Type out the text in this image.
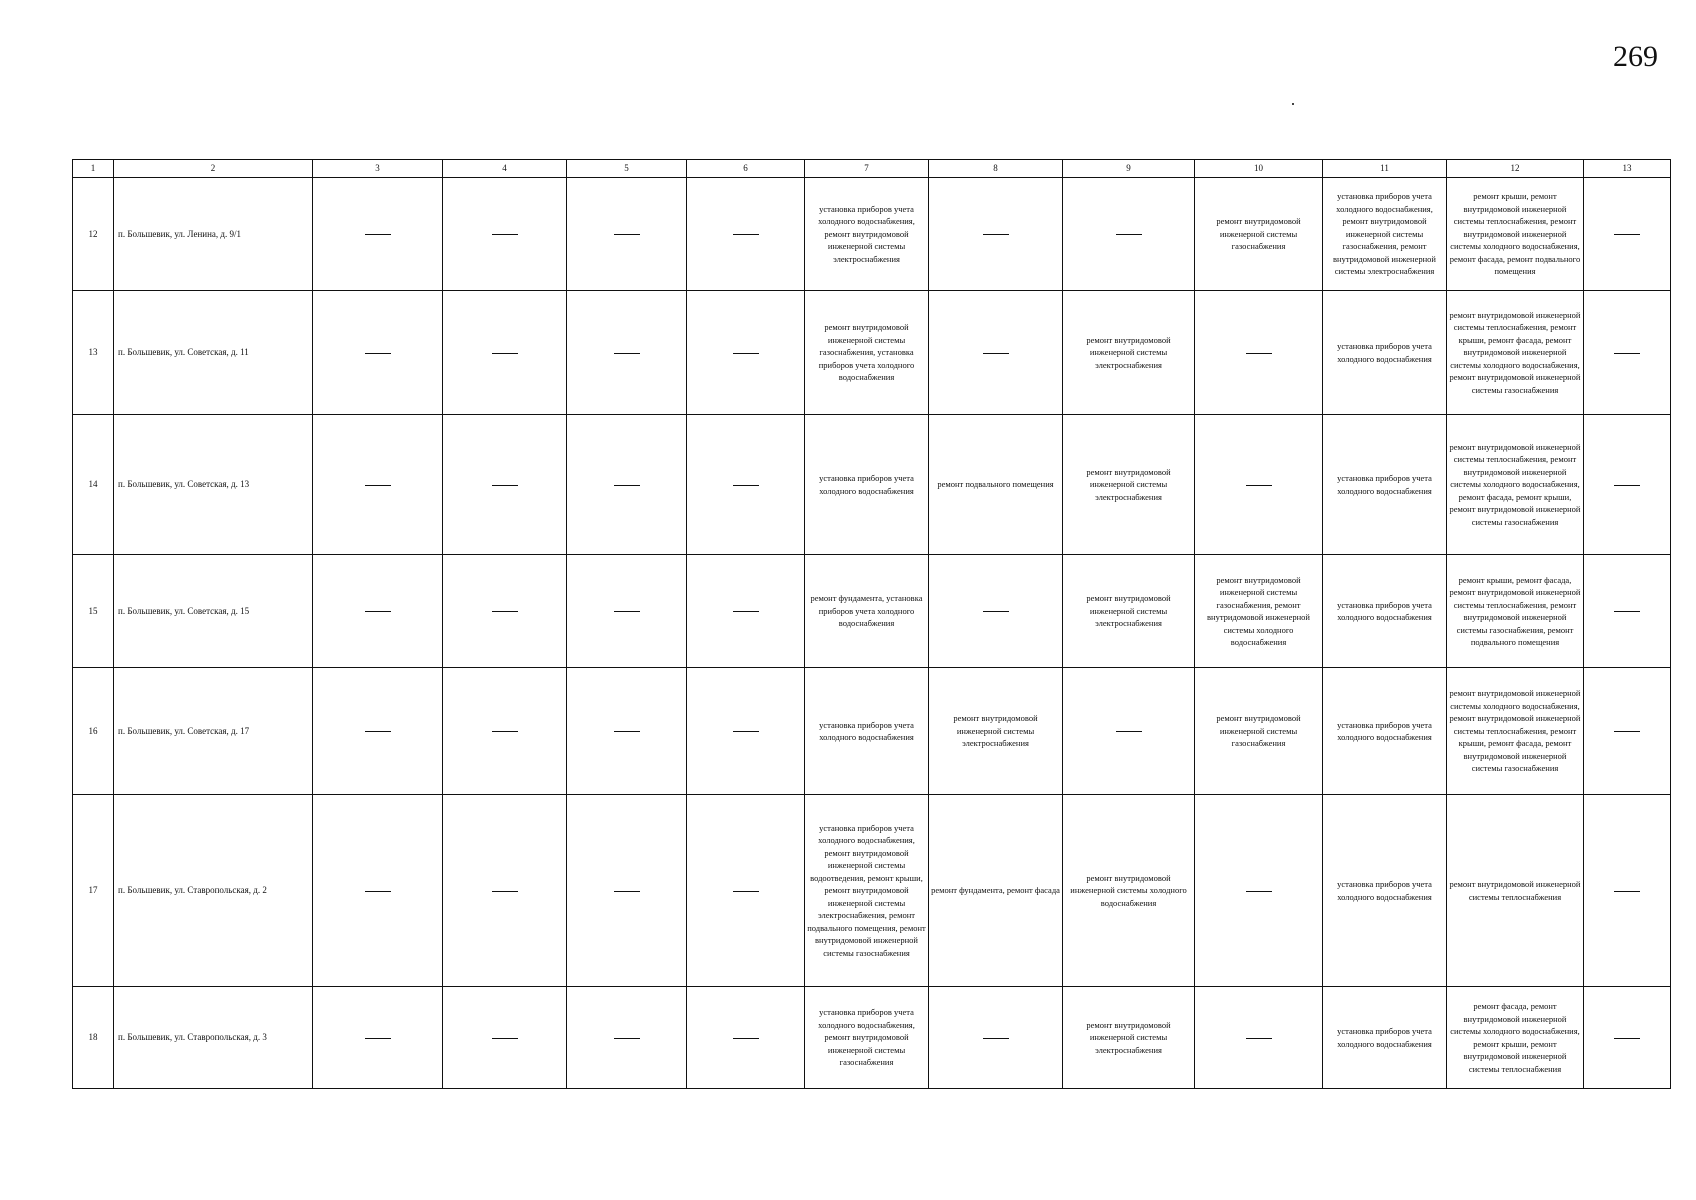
269
1	2	3	4	5	6	7	8	9	10	11	12	13
12	п. Большевик, ул. Ленина, д. 9/1					установка приборов учета холодного водоснабжения, ремонт внутридомовой инженерной системы электроснабжения			ремонт внутридомовой инженерной системы газоснабжения	установка приборов учета холодного водоснабжения, ремонт внутридомовой инженерной системы газоснабжения, ремонт внутридомовой инженерной системы электроснабжения	ремонт крыши, ремонт внутридомовой инженерной системы теплоснабжения, ремонт внутридомовой инженерной системы холодного водоснабжения, ремонт фасада, ремонт подвального помещения	
13	п. Большевик, ул. Советская, д. 11					ремонт внутридомовой инженерной системы газоснабжения, установка приборов учета холодного водоснабжения		ремонт внутридомовой инженерной системы электроснабжения		установка приборов учета холодного водоснабжения	ремонт внутридомовой инженерной системы теплоснабжения, ремонт крыши, ремонт фасада, ремонт внутридомовой инженерной системы холодного водоснабжения, ремонт внутридомовой инженерной системы газоснабжения	
14	п. Большевик, ул. Советская, д. 13					установка приборов учета холодного водоснабжения	ремонт подвального помещения	ремонт внутридомовой инженерной системы электроснабжения		установка приборов учета холодного водоснабжения	ремонт внутридомовой инженерной системы теплоснабжения, ремонт внутридомовой инженерной системы холодного водоснабжения, ремонт фасада, ремонт крыши, ремонт внутридомовой инженерной системы газоснабжения	
15	п. Большевик, ул. Советская, д. 15					ремонт фундамента, установка приборов учета холодного водоснабжения		ремонт внутридомовой инженерной системы электроснабжения	ремонт внутридомовой инженерной системы газоснабжения, ремонт внутридомовой инженерной системы холодного водоснабжения	установка приборов учета холодного водоснабжения	ремонт крыши, ремонт фасада, ремонт внутридомовой инженерной системы теплоснабжения, ремонт внутридомовой инженерной системы газоснабжения, ремонт подвального помещения	
16	п. Большевик, ул. Советская, д. 17					установка приборов учета холодного водоснабжения	ремонт внутридомовой инженерной системы электроснабжения		ремонт внутридомовой инженерной системы газоснабжения	установка приборов учета холодного водоснабжения	ремонт внутридомовой инженерной системы холодного водоснабжения, ремонт внутридомовой инженерной системы теплоснабжения, ремонт крыши, ремонт фасада, ремонт внутридомовой инженерной системы газоснабжения	
17	п. Большевик, ул. Ставропольская, д. 2					установка приборов учета холодного водоснабжения, ремонт внутридомовой инженерной системы водоотведения, ремонт крыши, ремонт внутридомовой инженерной системы электроснабжения, ремонт подвального помещения, ремонт внутридомовой инженерной системы газоснабжения	ремонт фундамента, ремонт фасада	ремонт внутридомовой инженерной системы холодного водоснабжения		установка приборов учета холодного водоснабжения	ремонт внутридомовой инженерной системы теплоснабжения	
18	п. Большевик, ул. Ставропольская, д. 3					установка приборов учета холодного водоснабжения, ремонт внутридомовой инженерной системы газоснабжения		ремонт внутридомовой инженерной системы электроснабжения		установка приборов учета холодного водоснабжения	ремонт фасада, ремонт внутридомовой инженерной системы холодного водоснабжения, ремонт крыши, ремонт внутридомовой инженерной системы теплоснабжения	
